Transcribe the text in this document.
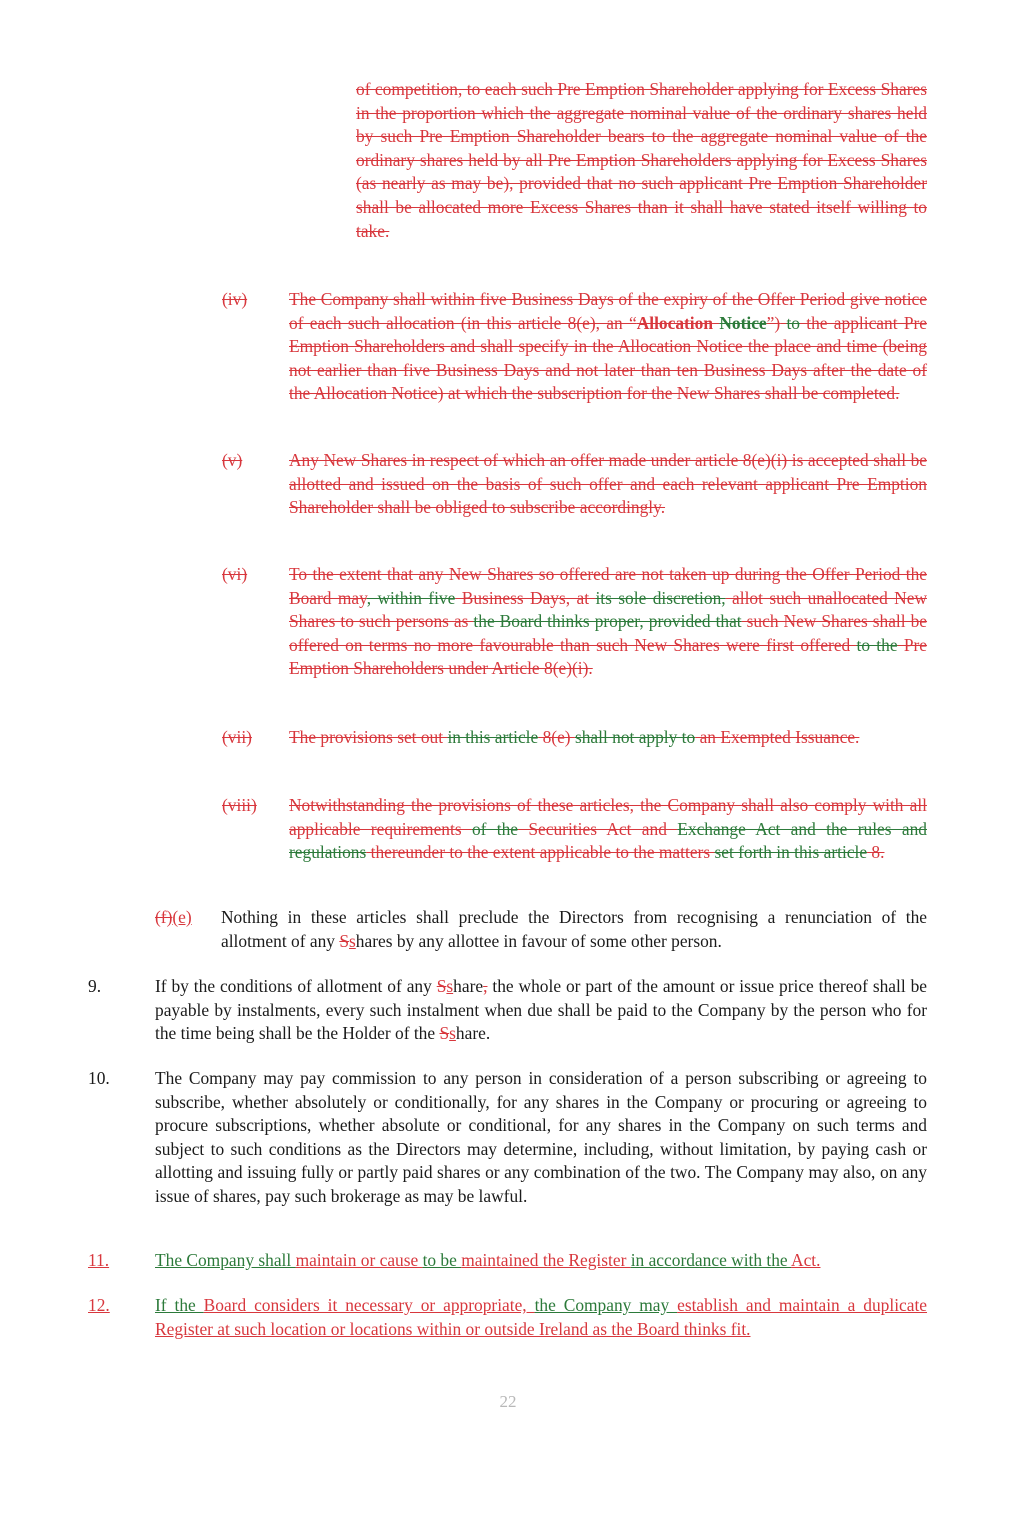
of competition, to each such Pre Emption Shareholder applying for Excess Shares in the proportion which the aggregate nominal value of the ordinary shares held by such Pre Emption Shareholder bears to the aggregate nominal value of the ordinary shares held by all Pre Emption Shareholders applying for Excess Shares (as nearly as may be), provided that no such applicant Pre Emption Shareholder shall be allocated more Excess Shares than it shall have stated itself willing to take.
(iv) The Company shall within five Business Days of the expiry of the Offer Period give notice of each such allocation (in this article 8(e), an “Allocation Notice”) to the applicant Pre Emption Shareholders and shall specify in the Allocation Notice the place and time (being not earlier than five Business Days and not later than ten Business Days after the date of the Allocation Notice) at which the subscription for the New Shares shall be completed.
(v)	Any New Shares in respect of which an offer made under article 8(e)(i) is accepted shall be allotted and issued on the basis of such offer and each relevant applicant Pre Emption Shareholder shall be obliged to subscribe accordingly.
(vi) To the extent that any New Shares so offered are not taken up during the Offer Period the Board may, within five Business Days, at its sole discretion, allot such unallocated New Shares to such persons as the Board thinks proper, provided that such New Shares shall be offered on terms no more favourable than such New Shares were first offered to the Pre Emption Shareholders under Article 8(e)(i).
(vii) The provisions set out in this article 8(e) shall not apply to an Exempted Issuance.
(viii) Notwithstanding the provisions of these articles, the Company shall also comply with all applicable requirements of the Securities Act and Exchange Act and the rules and regulations thereunder to the extent applicable to the matters set forth in this article 8.
(f)(e)	Nothing in these articles shall preclude the Directors from recognising a renunciation of the allotment of any Sshares by any allottee in favour of some other person.
9.	If by the conditions of allotment of any Sshare, the whole or part of the amount or issue price thereof shall be payable by instalments, every such instalment when due shall be paid to the Company by the person who for the time being shall be the Holder of the Sshare.
10.	The Company may pay commission to any person in consideration of a person subscribing or agreeing to subscribe, whether absolutely or conditionally, for any shares in the Company or procuring or agreeing to procure subscriptions, whether absolute or conditional, for any shares in the Company on such terms and subject to such conditions as the Directors may determine, including, without limitation, by paying cash or allotting and issuing fully or partly paid shares or any combination of the two. The Company may also, on any issue of shares, pay such brokerage as may be lawful.
11.	The Company shall maintain or cause to be maintained the Register in accordance with the Act.
12.	If the Board considers it necessary or appropriate, the Company may establish and maintain a duplicate Register at such location or locations within or outside Ireland as the Board thinks fit.
22
